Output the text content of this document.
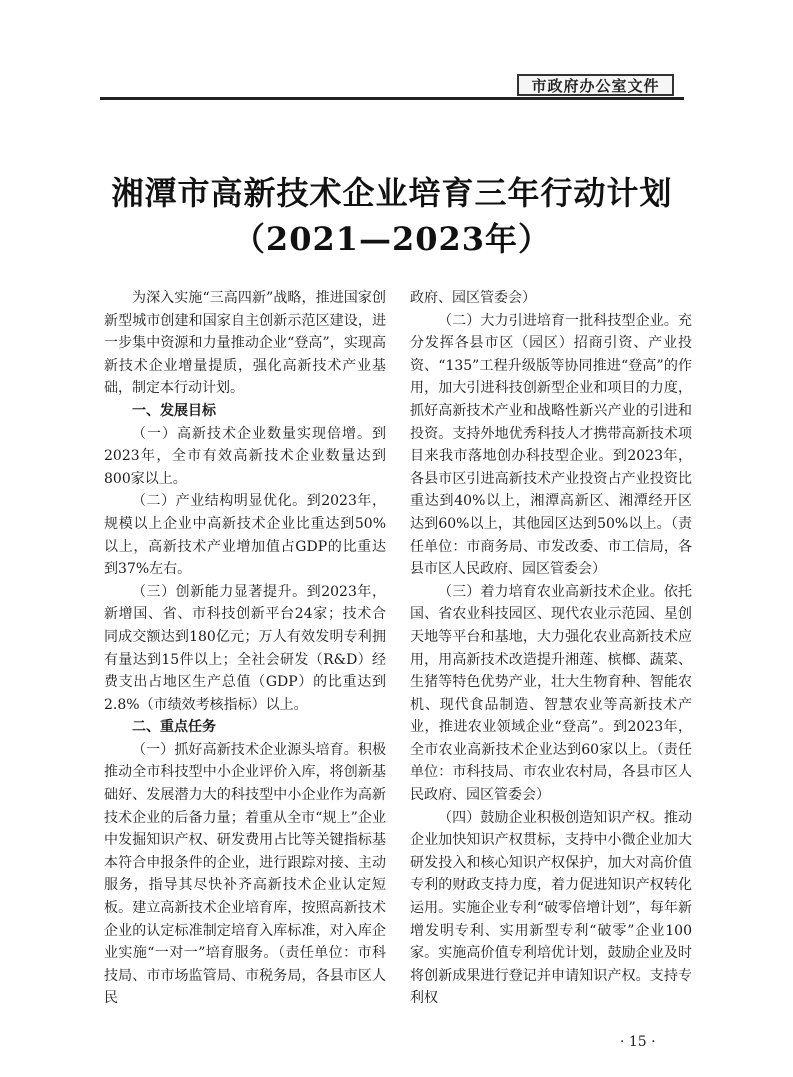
市政府办公室文件
湘潭市高新技术企业培育三年行动计划
（2021—2023年）

为深入实施“三高四新”战略，推进国家创新型城市创建和国家自主创新示范区建设，进一步集中资源和力量推动企业“登高”，实现高新技术企业增量提质，强化高新技术产业基础，制定本行动计划。

一、发展目标

（一）高新技术企业数量实现倍增。到2023年，全市有效高新技术企业数量达到800家以上。

（二）产业结构明显优化。到2023年，规模以上企业中高新技术企业比重达到50%以上，高新技术产业增加值占GDP的比重达到37%左右。

（三）创新能力显著提升。到2023年，新增国、省、市科技创新平台24家；技术合同成交额达到180亿元；万人有效发明专利拥有量达到15件以上；全社会研发（R&D）经费支出占地区生产总值（GDP）的比重达到2.8%（市绩效考核指标）以上。

二、重点任务

（一）抓好高新技术企业源头培育。积极推动全市科技型中小企业评价入库，将创新基础好、发展潜力大的科技型中小企业作为高新技术企业的后备力量；着重从全市“规上”企业中发掘知识产权、研发费用占比等关键指标基本符合申报条件的企业，进行跟踪对接、主动服务，指导其尽快补齐高新技术企业认定短板。建立高新技术企业培育库，按照高新技术企业的认定标准制定培育入库标准，对入库企业实施“一对一”培育服务。（责任单位：市科技局、市市场监管局、市税务局，各县市区人民

政府、园区管委会）

（二）大力引进培育一批科技型企业。充分发挥各县市区（园区）招商引资、产业投资、“135”工程升级版等协同推进“登高”的作用，加大引进科技创新型企业和项目的力度，抓好高新技术产业和战略性新兴产业的引进和投资。支持外地优秀科技人才携带高新技术项目来我市落地创办科技型企业。到2023年，各县市区引进高新技术产业投资占产业投资比重达到40%以上，湘潭高新区、湘潭经开区达到60%以上，其他园区达到50%以上。（责任单位：市商务局、市发改委、市工信局，各县市区人民政府、园区管委会）

（三）着力培育农业高新技术企业。依托国、省农业科技园区、现代农业示范园、星创天地等平台和基地，大力强化农业高新技术应用，用高新技术改造提升湘莲、槟榔、蔬菜、生猪等特色优势产业，壮大生物育种、智能农机、现代食品制造、智慧农业等高新技术产业，推进农业领域企业“登高”。到2023年，全市农业高新技术企业达到60家以上。（责任单位：市科技局、市农业农村局，各县市区人民政府、园区管委会）

（四）鼓励企业积极创造知识产权。推动企业加快知识产权贯标，支持中小微企业加大研发投入和核心知识产权保护，加大对高价值专利的财政支持力度，着力促进知识产权转化运用。实施企业专利“破零倍增计划”，每年新增发明专利、实用新型专利“破零”企业100家。实施高价值专利培优计划，鼓励企业及时将创新成果进行登记并申请知识产权。支持专利权

· 15 ·
